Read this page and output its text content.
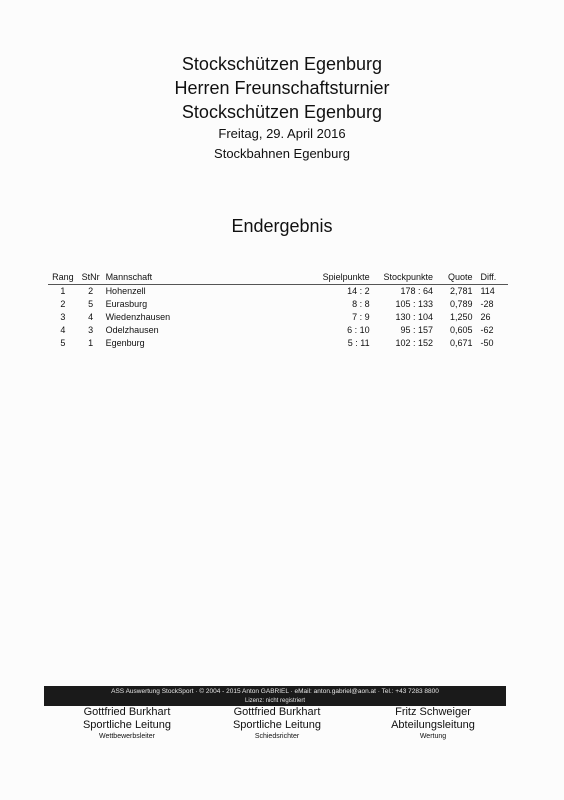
Stockschützen Egenburg
Herren Freunschaftsturnier
Stockschützen Egenburg
Freitag, 29. April 2016
Stockbahnen Egenburg
Endergebnis
Rang	StNr	Mannschaft	Spielpunkte	Stockpunkte	Quote	Diff.
1	2	Hohenzell	14 : 2	178 : 64	2,781	114
2	5	Eurasburg	8 : 8	105 : 133	0,789	-28
3	4	Wiedenzhausen	7 : 9	130 : 104	1,250	26
4	3	Odelzhausen	6 : 10	95 : 157	0,605	-62
5	1	Egenburg	5 : 11	102 : 152	0,671	-50
ASS Auswertung StockSport · © 2004 - 2015 Anton GABRIEL · eMail: anton.gabriel@aon.at · Tel.: +43 7283 8800
Lizenz: nicht registriert
Gottfried Burkhart
Sportliche Leitung
Wettbewerbsleiter
Gottfried Burkhart
Sportliche Leitung
Schiedsrichter
Fritz Schweiger
Abteilungsleitung
Wertung
